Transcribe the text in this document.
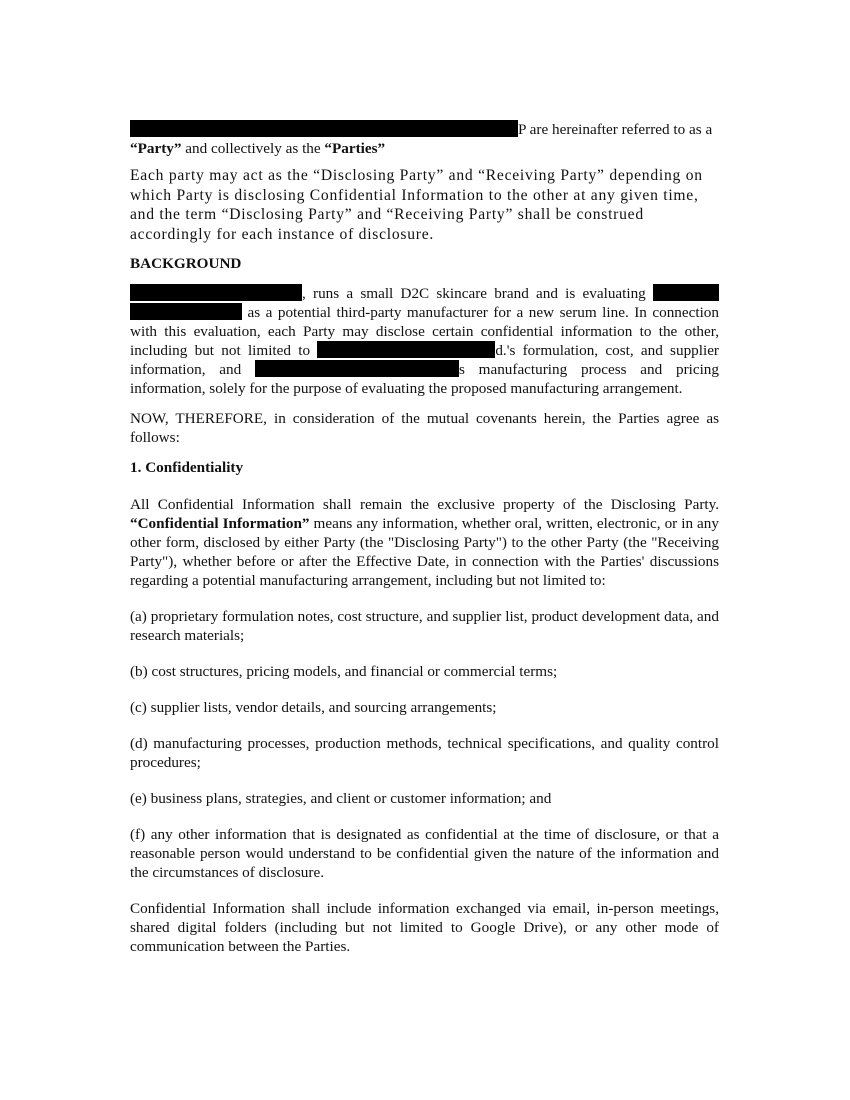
P are hereinafter referred to as a
“Party” and collectively as the “Parties”

Each party may act as the “Disclosing Party” and “Receiving Party” depending on which Party is disclosing Confidential Information to the other at any given time, and the term “Disclosing Party” and “Receiving Party” shall be construed accordingly for each instance of disclosure.

BACKGROUND

, runs a small D2C skincare brand and is evaluating   as a potential third-party manufacturer for a new serum line. In connection with this evaluation, each Party may disclose certain confidential information to the other, including but not limited to	d.'s formulation, cost, and supplier information, and	s manufacturing process and pricing information, solely for the purpose of evaluating the proposed manufacturing arrangement.

NOW, THEREFORE, in consideration of the mutual covenants herein, the Parties agree as follows:

1. Confidentiality

All Confidential Information shall remain the exclusive property of the Disclosing Party. “Confidential Information” means any information, whether oral, written, electronic, or in any other form, disclosed by either Party (the "Disclosing Party") to the other Party (the "Receiving Party"), whether before or after the Effective Date, in connection with the Parties' discussions regarding a potential manufacturing arrangement, including but not limited to:

(a) proprietary formulation notes, cost structure, and supplier list, product development data, and research materials;

(b) cost structures, pricing models, and financial or commercial terms;

(c) supplier lists, vendor details, and sourcing arrangements;

(d) manufacturing processes, production methods, technical specifications, and quality control procedures;

(e) business plans, strategies, and client or customer information; and

(f) any other information that is designated as confidential at the time of disclosure, or that a reasonable person would understand to be confidential given the nature of the information and the circumstances of disclosure.

Confidential Information shall include information exchanged via email, in-person meetings, shared digital folders (including but not limited to Google Drive), or any other mode of communication between the Parties.
